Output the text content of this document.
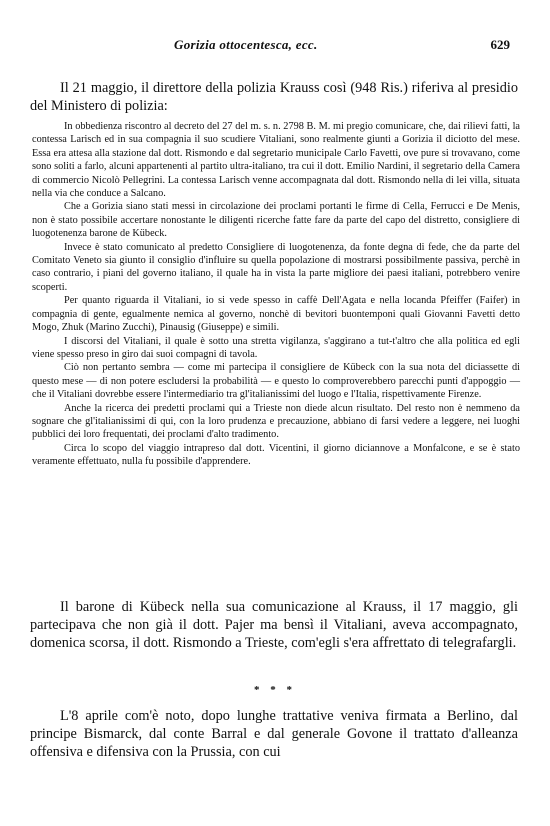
Gorizia ottocentesca, ecc.	629

Il 21 maggio, il direttore della polizia Krauss così (948 Ris.) riferiva al presidio del Ministero di polizia:

In obbedienza riscontro al decreto del 27 del m. s. n. 2798 B. M. mi pregio comunicare, che, dai rilievi fatti, la contessa Larisch ed in sua compagnia il suo scudiere Vitaliani, sono realmente giunti a Gorizia il diciotto del mese. Essa era attesa alla stazione dal dott. Rismondo e dal segretario municipale Carlo Favetti, ove pure si trovavano, come sono soliti a farlo, alcuni appartenenti al partito ultra-italiano, tra cui il dott. Emilio Nardini, il segretario della Camera di commercio Nicolò Pellegrini. La contessa Larisch venne accompagnata dal dott. Rismondo nella di lei villa, situata nella via che conduce a Salcano.

Che a Gorizia siano stati messi in circolazione dei proclami portanti le firme di Cella, Ferrucci e De Menis, non è stato possibile accertare nonostante le diligenti ricerche fatte fare da parte del capo del distretto, consigliere di luogotenenza barone de Kübeck.

Invece è stato comunicato al predetto Consigliere di luogotenenza, da fonte degna di fede, che da parte del Comitato Veneto sia giunto il consiglio d'influire su quella popolazione di mostrarsi possibilmente passiva, perchè in caso contrario, i piani del governo italiano, il quale ha in vista la parte migliore dei paesi italiani, potrebbero venire scoperti.

Per quanto riguarda il Vitaliani, io si vede spesso in caffè Dell'Agata e nella locanda Pfeiffer (Faifer) in compagnia di gente, egualmente nemica al governo, nonchè di bevitori buontemponi quali Giovanni Favetti detto Mogo, Zhuk (Marino Zucchi), Pinausig (Giuseppe) e simili.

I discorsi del Vitaliani, il quale è sotto una stretta vigilanza, s'aggirano a tut-t'altro che alla politica ed egli viene spesso preso in giro dai suoi compagni di tavola.

Ciò non pertanto sembra — come mi partecipa il consigliere de Kübeck con la sua nota del diciassette di questo mese — di non potere escludersi la probabilità — e questo lo comproverebbero parecchi punti d'appoggio — che il Vitaliani dovrebbe essere l'intermediario tra gl'italianissimi del luogo e l'Italia, rispettivamente Firenze.

Anche la ricerca dei predetti proclami qui a Trieste non diede alcun risultato. Del resto non è nemmeno da sognare che gl'italianissimi di qui, con la loro prudenza e precauzione, abbiano di farsi vedere a leggere, nei luoghi pubblici dei loro frequentati, dei proclami d'alto tradimento.

Circa lo scopo del viaggio intrapreso dal dott. Vicentini, il giorno diciannove a Monfalcone, e se è stato veramente effettuato, nulla fu possibile d'apprendere.

Il barone di Kübeck nella sua comunicazione al Krauss, il 17 maggio, gli partecipava che non già il dott. Pajer ma bensì il Vitaliani, aveva accompagnato, domenica scorsa, il dott. Rismondo a Trieste, com'egli s'era affrettato di telegrafargli.

* * *

L'8 aprile com'è noto, dopo lunghe trattative veniva firmata a Berlino, dal principe Bismarck, dal conte Barral e dal generale Govone il trattato d'alleanza offensiva e difensiva con la Prussia, con cui
